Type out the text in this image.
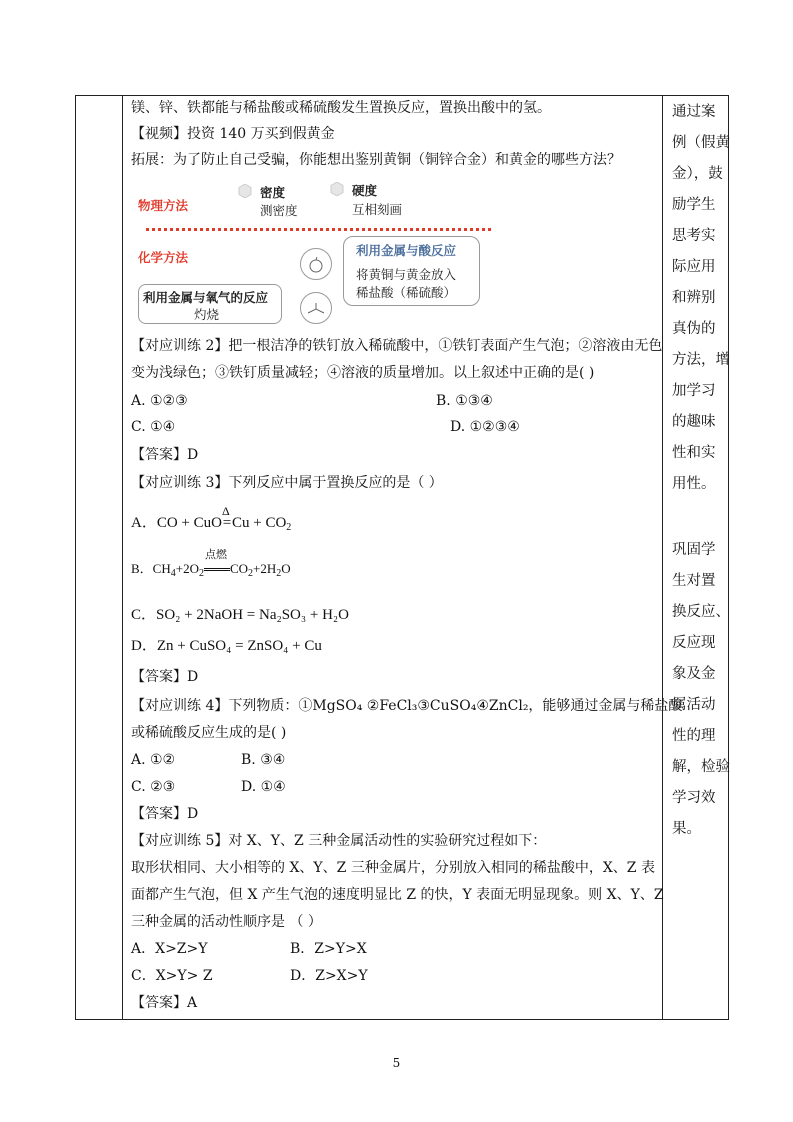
镁、锌、铁都能与稀盐酸或稀硫酸发生置换反应，置换出酸中的氢。
【视频】投资 140 万买到假黄金
拓展：为了防止自己受骗，你能想出鉴别黄铜（铜锌合金）和黄金的哪些方法？
物理方法
密度
测密度
硬度
互相刻画
化学方法	利用金属与酸反应
将黄铜与黄金放入
稀盐酸（稀硫酸）
利用金属与氧气的反应
灼烧
【对应训练 2】把一根洁净的铁钉放入稀硫酸中，①铁钉表面产生气泡；②溶液由无色
变为浅绿色；③铁钉质量减轻；④溶液的质量增加。以上叙述中正确的是( )
A. ①②③	B. ①③④
C. ①④	D. ①②③④
【答案】D
【对应训练 3】下列反应中属于置换反应的是（ ）
A．CO + CuO=
Δ
$Cu + CO_2$
B．$CH_4+2O_2$
点燃
$CO_2+2H_2O$
C．SO₂ + 2NaOH = Na₂SO₃ + H₂O
D．Zn + CuSO₄ = ZnSO₄ + Cu
【答案】D
【对应训练 4】下列物质：①MgSO₄ ②FeCl₃③CuSO₄④ZnCl₂，能够通过金属与稀盐酸
或稀硫酸反应生成的是( )
A. ①②	B. ③④
C. ②③	D. ①④
【答案】D
【对应训练 5】对 X、Y、Z 三种金属活动性的实验研究过程如下：
取形状相同、大小相等的 X、Y、Z 三种金属片，分别放入相同的稀盐酸中，X、Z 表
面都产生气泡，但 X 产生气泡的速度明显比 Z 的快，Y 表面无明显现象。则 X、Y、Z
三种金属的活动性顺序是 （ ）
A．X>Z>Y	B．Z>Y>X
C．X>Y> Z	D．Z>X>Y
【答案】A
通过案
例（假黄
金），鼓
励学生
思考实
际应用
和辨别
真伪的
方法，增
加学习
的趣味
性和实
用性。
巩固学
生对置
换反应、
反应现
象及金
属活动
性的理
解，检验
学习效
果。
5
